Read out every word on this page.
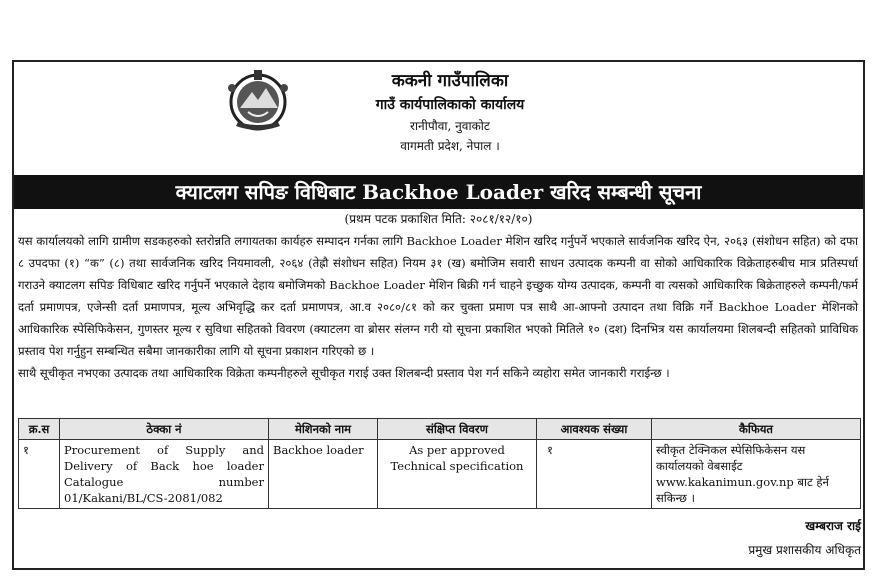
ककनी गाउँपालिका
गाउँ कार्यपालिकाको कार्यालय
रानीपौवा, नुवाकोट
वागमती प्रदेश, नेपाल ।
क्याटलग सपिङ विधिबाट Backhoe Loader खरिद सम्बन्धी सूचना
(प्रथम पटक प्रकाशित मिति: २०८१/१२/१०)

यस कार्यालयको लागि ग्रामीण सडकहरुको स्तरोन्नति लगायतका कार्यहरु सम्पादन गर्नका लागि Backhoe Loader मेशिन खरिद गर्नुपर्ने भएकाले सार्वजनिक खरिद ऐन, २०६३ (संशोधन सहित) को दफा ८ उपदफा (१) “क” (८) तथा सार्वजनिक खरिद नियमावली, २०६४ (तेह्रौ संशोधन सहित) नियम ३१ (ख) बमोजिम सवारी साधन उत्पादक कम्पनी वा सोको आधिकारिक विक्रेताहरुबीच मात्र प्रतिस्पर्धा गराउने क्याटलग सपिङ विधिबाट खरिद गर्नुपर्ने भएकाले देहाय बमोजिमको Backhoe Loader मेशिन बिक्री गर्न चाहने इच्छुक योग्य उत्पादक, कम्पनी वा त्यसको आधिकारिक बिक्रेताहरुले कम्पनी/फर्म दर्ता प्रमाणपत्र, एजेन्सी दर्ता प्रमाणपत्र, मूल्य अभिवृद्धि कर दर्ता प्रमाणपत्र, आ.व २०८०/८१ को कर चुक्ता प्रमाण पत्र साथै आ-आफ्नो उत्पादन तथा विक्रि गर्ने Backhoe Loader मेशिनको आधिकारिक स्पेसिफिकेसन, गुणस्तर मूल्य र सुविधा सहितको विवरण (क्याटलग वा ब्रोसर संलग्न गरी यो सूचना प्रकाशित भएको मितिले १० (दश) दिनभित्र यस कार्यालयमा शिलबन्दी सहितको प्राविधिक प्रस्ताव पेश गर्नुहुन सम्बन्धित सबैमा जानकारीका लागि यो सूचना प्रकाशन गरिएको छ ।

साथै सूचीकृत नभएका उत्पादक तथा आधिकारिक विक्रेता कम्पनीहरुले सूचीकृत गराई उक्त शिलबन्दी प्रस्ताव पेश गर्न सकिने व्यहोरा समेत जानकारी गराईन्छ ।

क्र.स	ठेक्का नं	मेशिनको नाम	संक्षिप्त विवरण	आवश्यक संख्या	कैफियत
१	Procurement of Supply and Delivery of Back hoe loader Catalogue number 01/Kakani/BL/CS-2081/082	Backhoe loader	As per approved Technical specification	१	स्वीकृत टेक्निकल स्पेसिफिकेसन यस कार्यालयको वेबसाईट www.kakanimun.gov.np बाट हेर्न सकिन्छ ।
खम्बराज राई
प्रमुख प्रशासकीय अधिकृत
